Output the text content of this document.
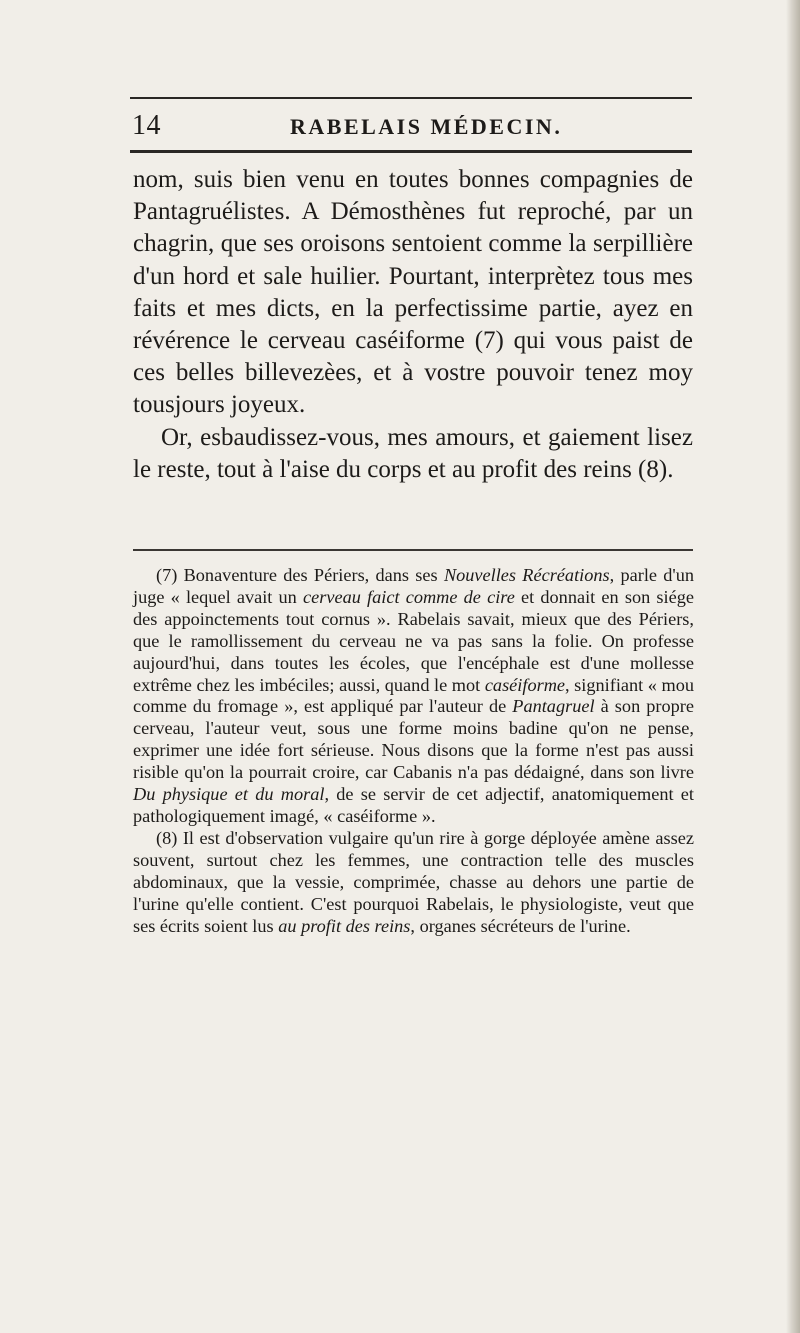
14	RABELAIS MÉDECIN.

nom, suis bien venu en toutes bonnes compagnies de Pantagruélistes. A Démosthènes fut reproché, par un chagrin, que ses oroisons sentoient comme la serpillière d'un hord et sale huilier. Pourtant, interprètez tous mes faits et mes dicts, en la perfectissime partie, ayez en révérence le cerveau caséiforme (7) qui vous paist de ces belles billevezèes, et à vostre pouvoir tenez moy tousjours joyeux.

Or, esbaudissez-vous, mes amours, et gaiement lisez le reste, tout à l'aise du corps et au profit des reins (8).

(7) Bonaventure des Périers, dans ses Nouvelles Récréations, parle d'un juge « lequel avait un cerveau faict comme de cire et donnait en son siége des appoinctements tout cornus ». Rabelais savait, mieux que des Périers, que le ramollissement du cerveau ne va pas sans la folie. On professe aujourd'hui, dans toutes les écoles, que l'encéphale est d'une mollesse extrême chez les imbéciles; aussi, quand le mot caséiforme, signifiant « mou comme du fromage », est appliqué par l'auteur de Pantagruel à son propre cerveau, l'auteur veut, sous une forme moins badine qu'on ne pense, exprimer une idée fort sérieuse. Nous disons que la forme n'est pas aussi risible qu'on la pourrait croire, car Cabanis n'a pas dédaigné, dans son livre Du physique et du moral, de se servir de cet adjectif, anatomiquement et pathologiquement imagé, « caséiforme ».

(8) Il est d'observation vulgaire qu'un rire à gorge déployée amène assez souvent, surtout chez les femmes, une contraction telle des muscles abdominaux, que la vessie, comprimée, chasse au dehors une partie de l'urine qu'elle contient. C'est pourquoi Rabelais, le physiologiste, veut que ses écrits soient lus au profit des reins, organes sécréteurs de l'urine.
